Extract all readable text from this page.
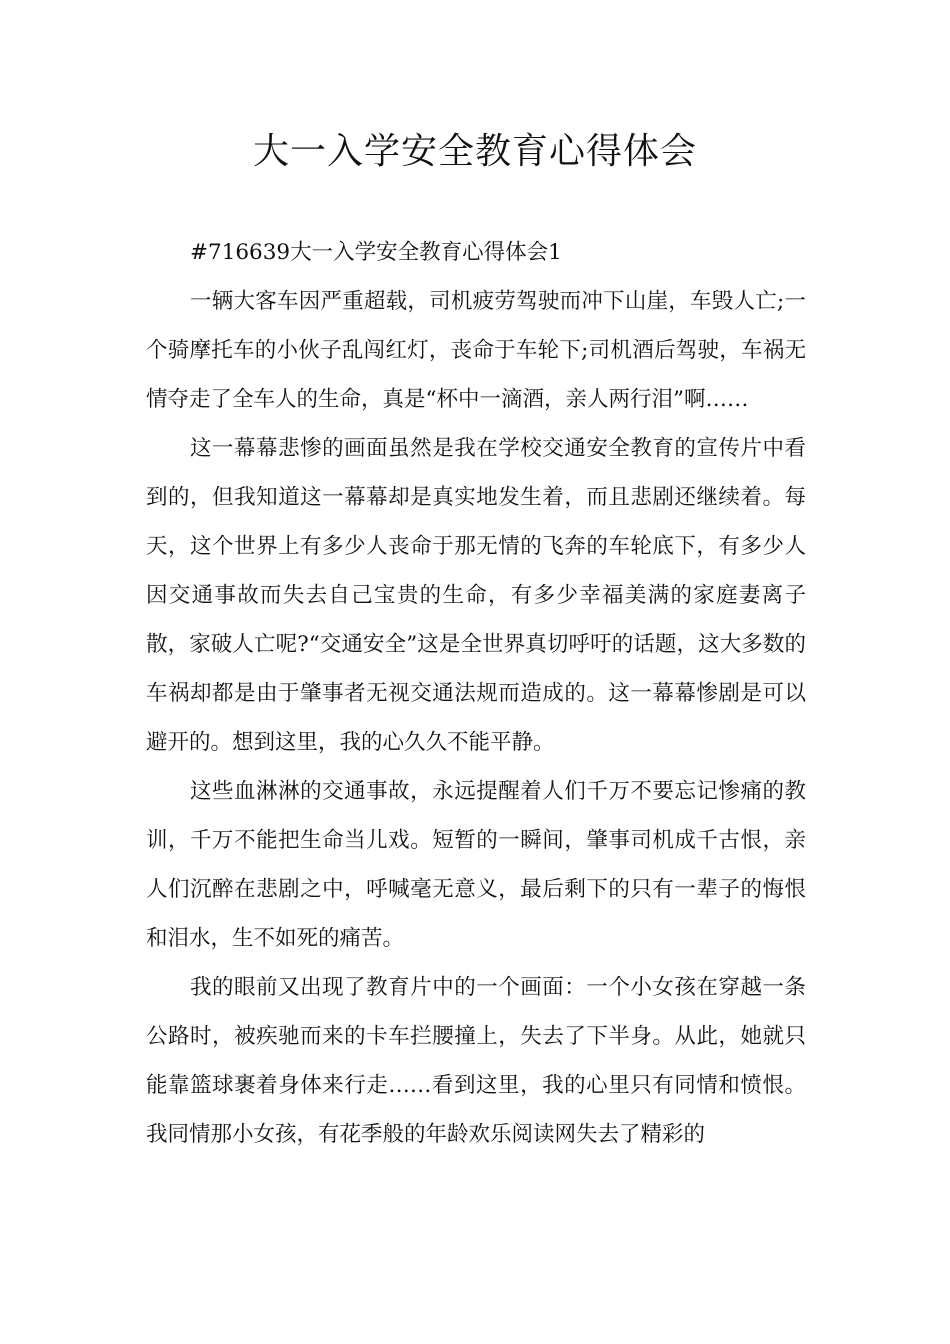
大一入学安全教育心得体会

#716639大一入学安全教育心得体会1

一辆大客车因严重超载，司机疲劳驾驶而冲下山崖，车毁人亡;一个骑摩托车的小伙子乱闯红灯，丧命于车轮下;司机酒后驾驶，车祸无情夺走了全车人的生命，真是“杯中一滴酒，亲人两行泪”啊……

这一幕幕悲惨的画面虽然是我在学校交通安全教育的宣传片中看到的，但我知道这一幕幕却是真实地发生着，而且悲剧还继续着。每天，这个世界上有多少人丧命于那无情的飞奔的车轮底下，有多少人因交通事故而失去自己宝贵的生命，有多少幸福美满的家庭妻离子散，家破人亡呢?“交通安全”这是全世界真切呼吁的话题，这大多数的车祸却都是由于肇事者无视交通法规而造成的。这一幕幕惨剧是可以避开的。想到这里，我的心久久不能平静。

这些血淋淋的交通事故，永远提醒着人们千万不要忘记惨痛的教训，千万不能把生命当儿戏。短暂的一瞬间，肇事司机成千古恨，亲人们沉醉在悲剧之中，呼喊毫无意义，最后剩下的只有一辈子的悔恨和泪水，生不如死的痛苦。

我的眼前又出现了教育片中的一个画面：一个小女孩在穿越一条公路时，被疾驰而来的卡车拦腰撞上，失去了下半身。从此，她就只能靠篮球裹着身体来行走……看到这里，我的心里只有同情和愤恨。我同情那小女孩，有花季般的年龄欢乐阅读网失去了精彩的
